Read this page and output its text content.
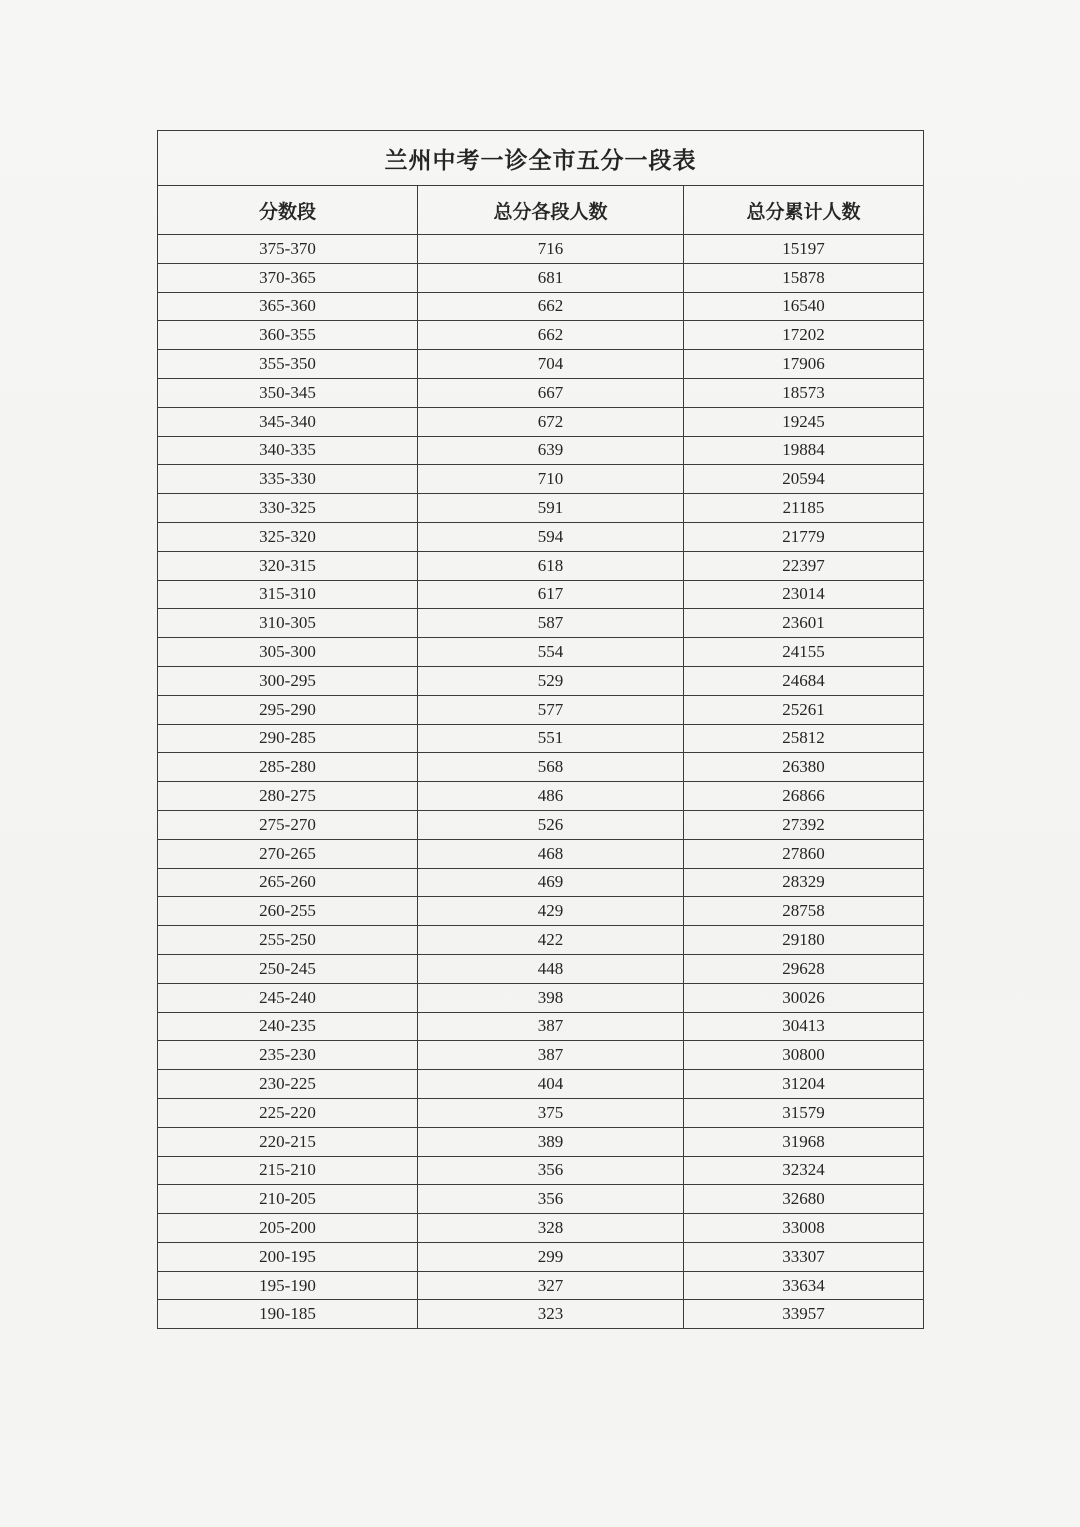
兰州中考一诊全市五分一段表		
分数段	总分各段人数	总分累计人数
375-370	716	15197
370-365	681	15878
365-360	662	16540
360-355	662	17202
355-350	704	17906
350-345	667	18573
345-340	672	19245
340-335	639	19884
335-330	710	20594
330-325	591	21185
325-320	594	21779
320-315	618	22397
315-310	617	23014
310-305	587	23601
305-300	554	24155
300-295	529	24684
295-290	577	25261
290-285	551	25812
285-280	568	26380
280-275	486	26866
275-270	526	27392
270-265	468	27860
265-260	469	28329
260-255	429	28758
255-250	422	29180
250-245	448	29628
245-240	398	30026
240-235	387	30413
235-230	387	30800
230-225	404	31204
225-220	375	31579
220-215	389	31968
215-210	356	32324
210-205	356	32680
205-200	328	33008
200-195	299	33307
195-190	327	33634
190-185	323	33957
